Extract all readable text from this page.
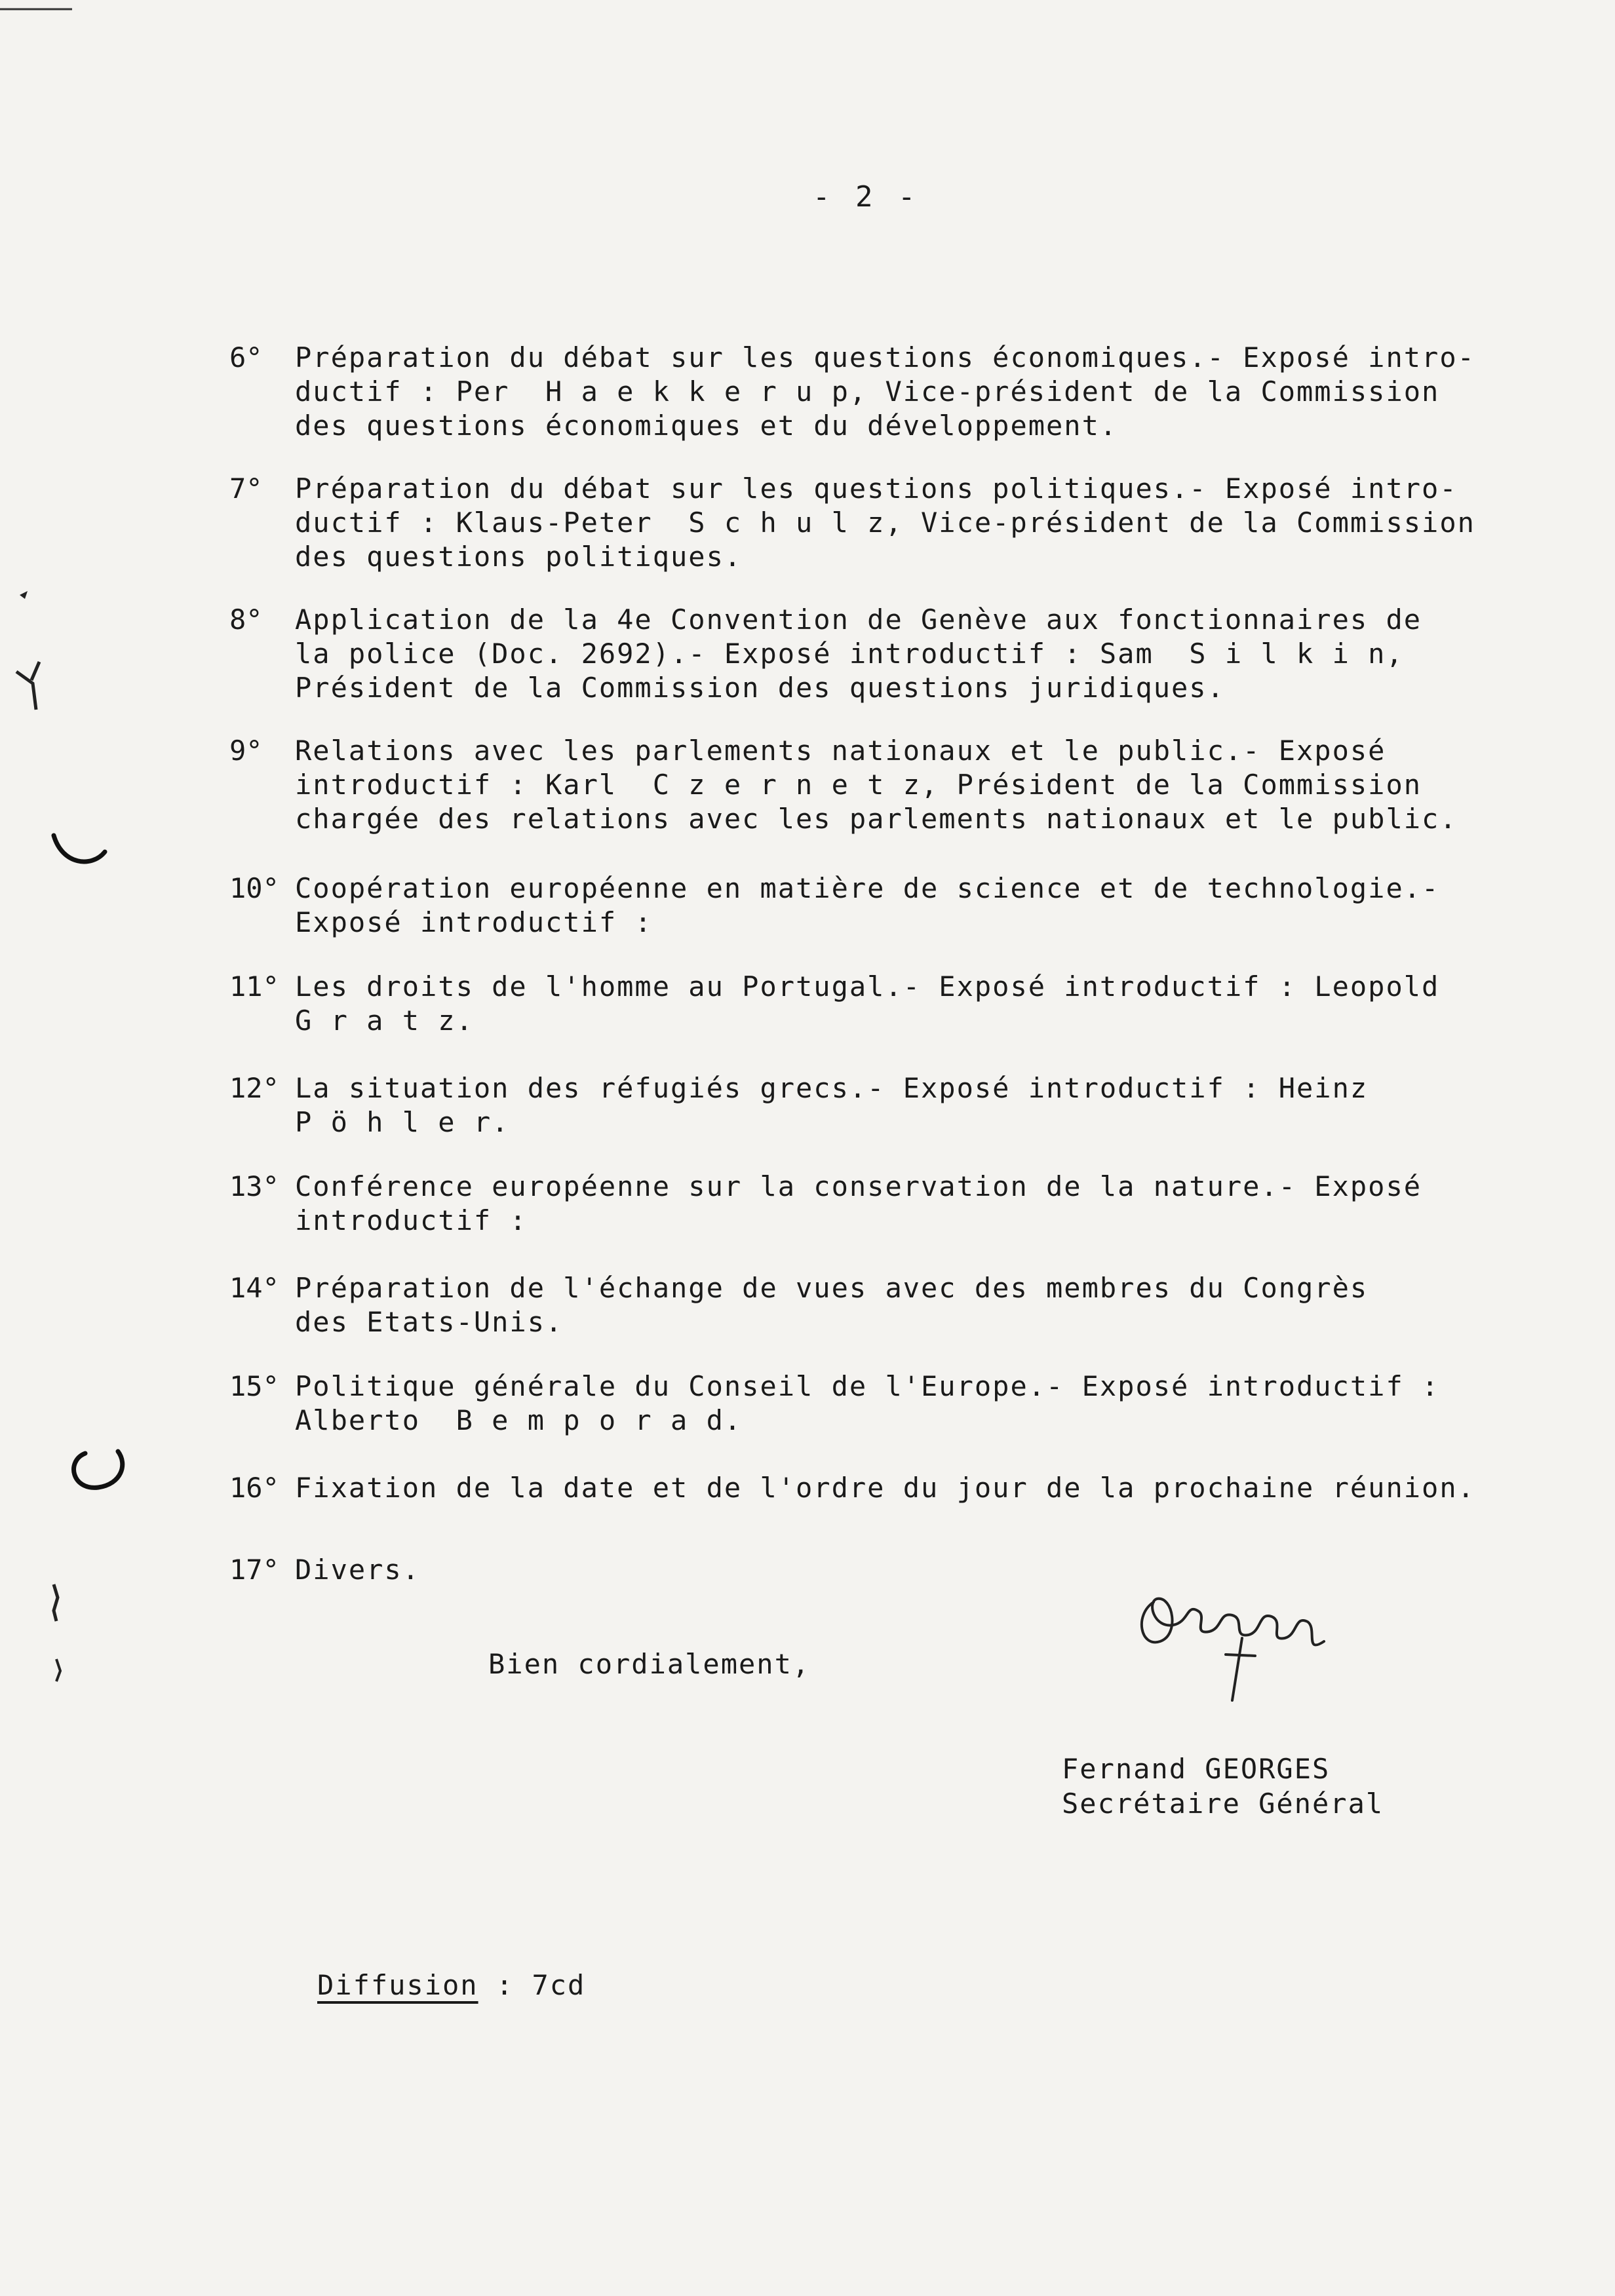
- 2 -
6°	Préparation du débat sur les questions économiques.- Exposé intro-
ductif : Per  H a e k k e r u p, Vice-président de la Commission
des questions économiques et du développement.
7°	Préparation du débat sur les questions politiques.- Exposé intro-
ductif : Klaus-Peter  S c h u l z, Vice-président de la Commission
des questions politiques.
8°	Application de la 4e Convention de Genève aux fonctionnaires de
la police (Doc. 2692).- Exposé introductif : Sam  S i l k i n,
Président de la Commission des questions juridiques.
9°	Relations avec les parlements nationaux et le public.- Exposé
introductif : Karl  C z e r n e t z, Président de la Commission
chargée des relations avec les parlements nationaux et le public.
10° Coopération européenne en matière de science et de technologie.-
Exposé introductif :
11° Les droits de l'homme au Portugal.- Exposé introductif : Leopold
G r a t z.
12° La situation des réfugiés grecs.- Exposé introductif : Heinz
P ö h l e r.
13° Conférence européenne sur la conservation de la nature.- Exposé
introductif :
14° Préparation de l'échange de vues avec des membres du Congrès
des Etats-Unis.
15° Politique générale du Conseil de l'Europe.- Exposé introductif :
Alberto  B e m p o r a d.
16° Fixation de la date et de l'ordre du jour de la prochaine réunion.
17° Divers.
Bien cordialement,
Fernand GEORGES
Secrétaire Général
Diffusion : 7cd
